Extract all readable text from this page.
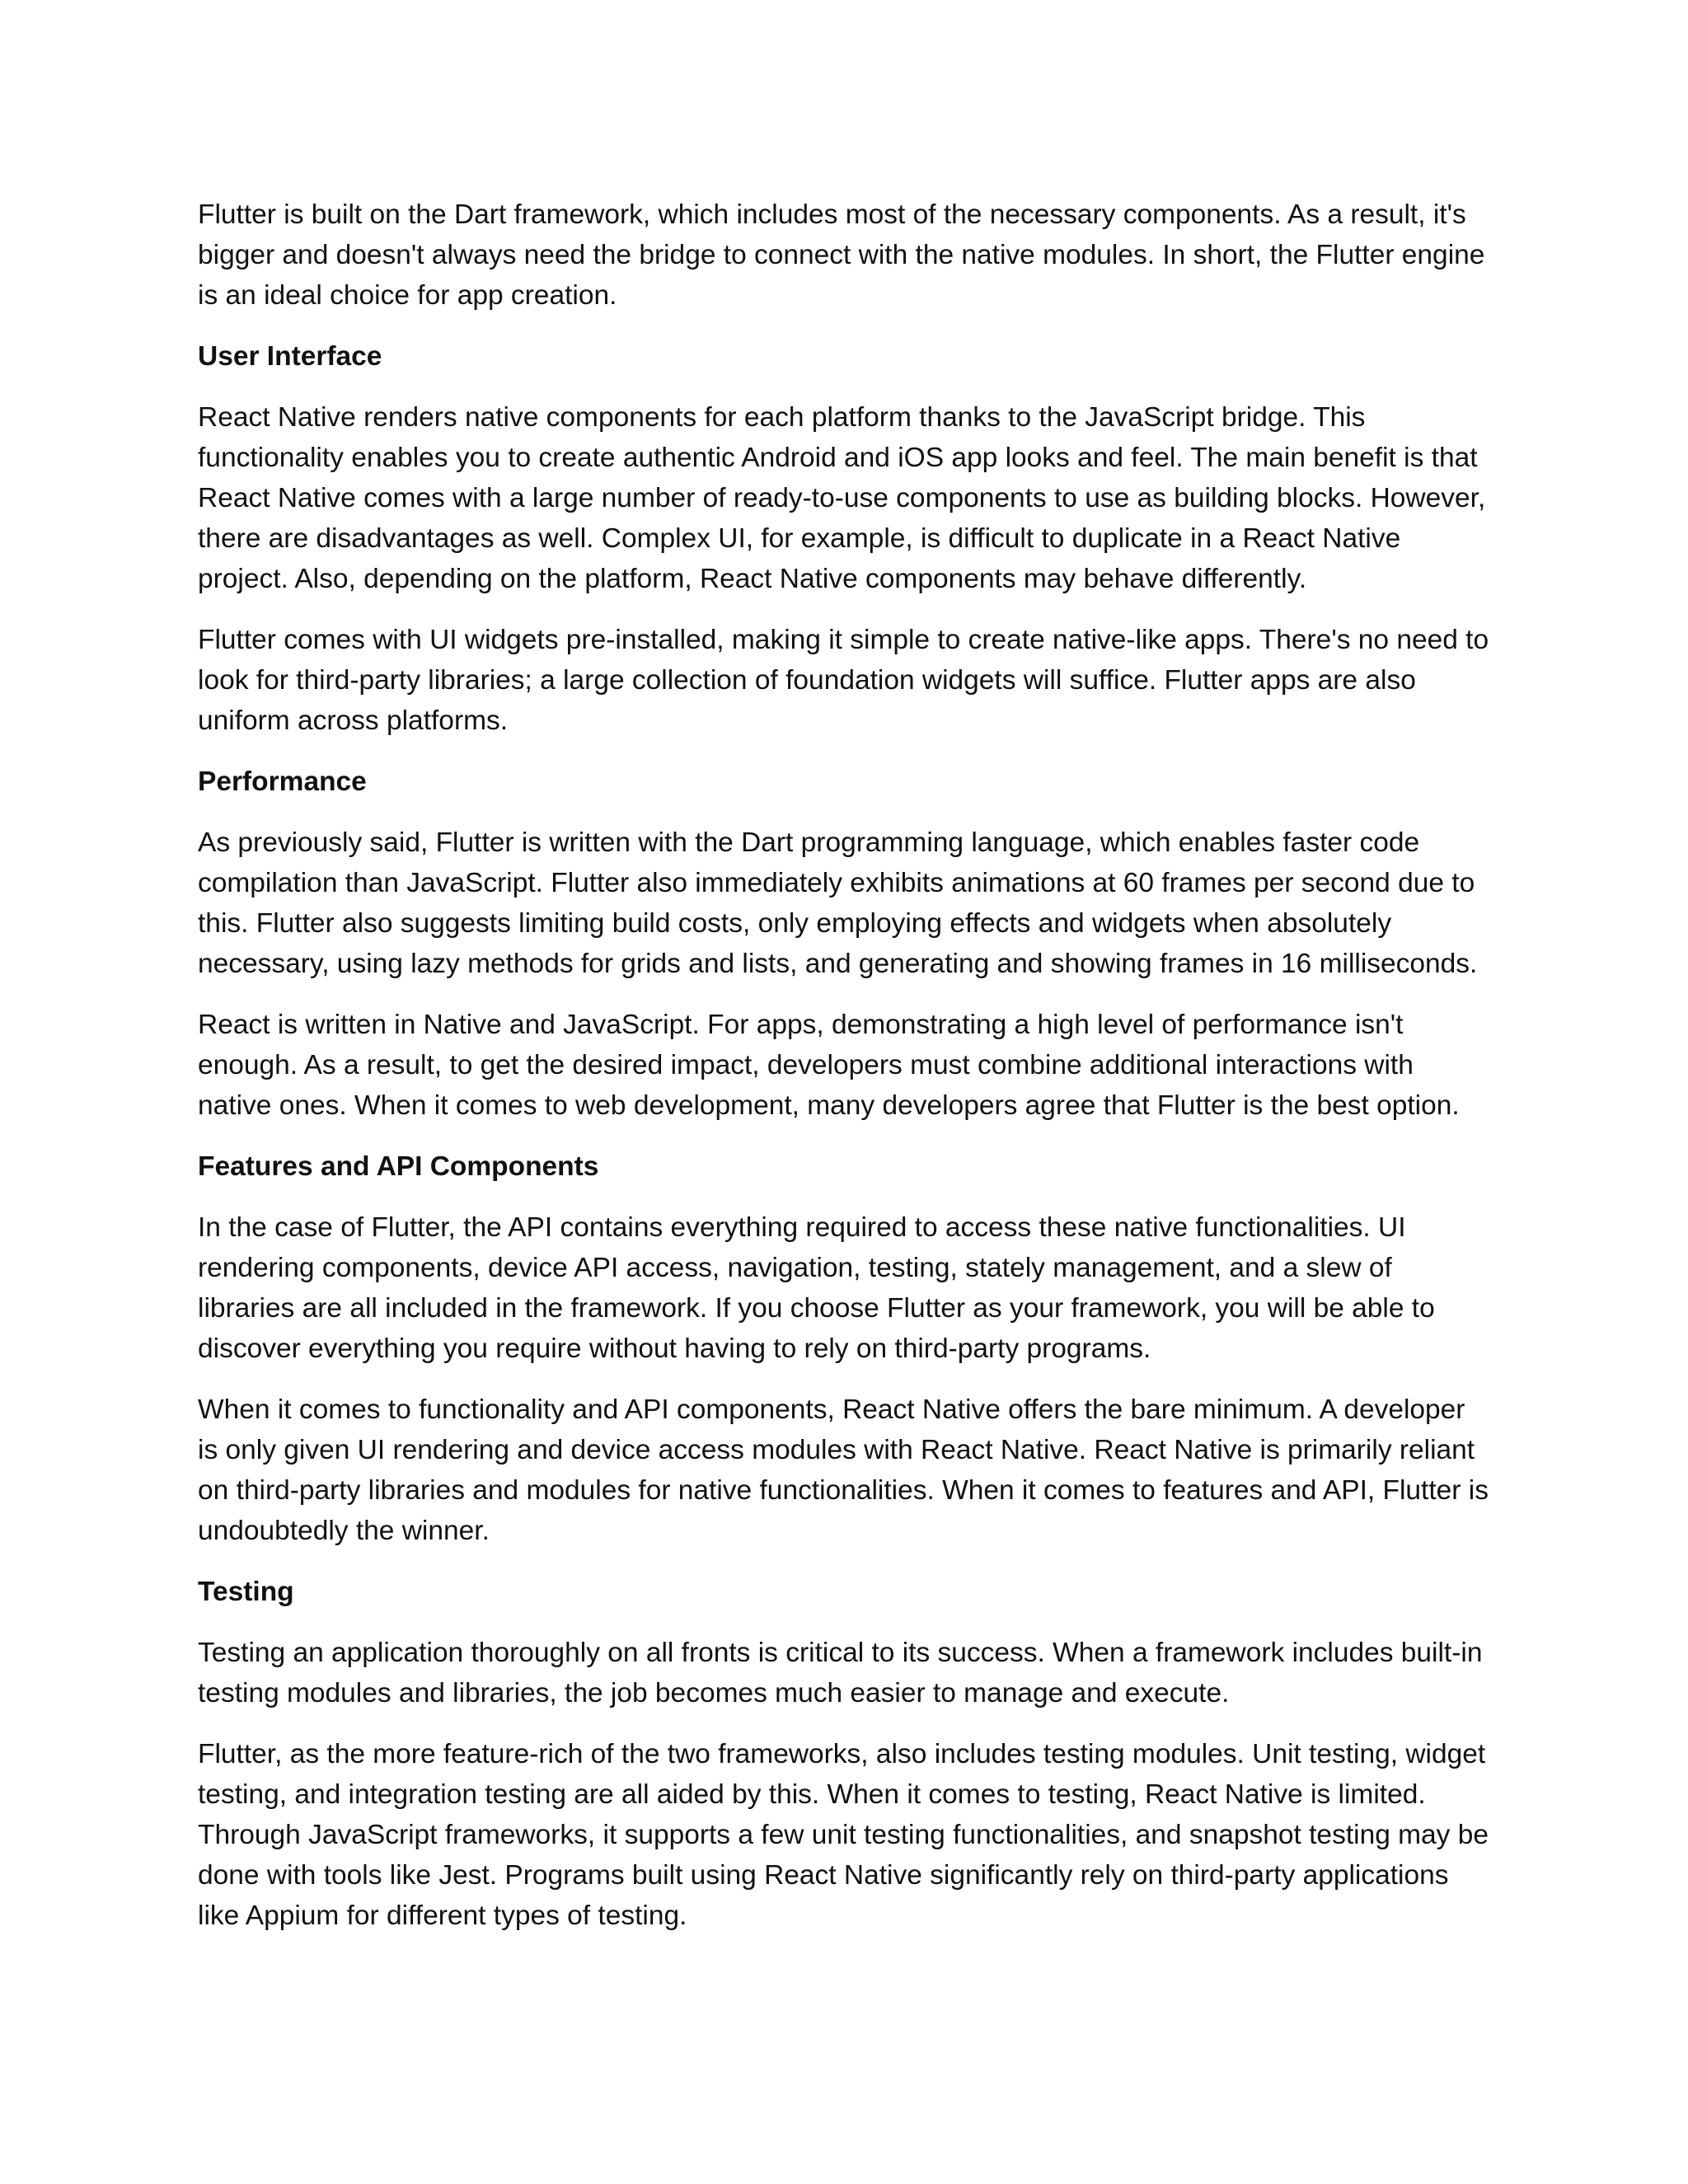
Flutter is built on the Dart framework, which includes most of the necessary components. As a result, it's bigger and doesn't always need the bridge to connect with the native modules. In short, the Flutter engine is an ideal choice for app creation.

User Interface

React Native renders native components for each platform thanks to the JavaScript bridge. This functionality enables you to create authentic Android and iOS app looks and feel. The main benefit is that React Native comes with a large number of ready-to-use components to use as building blocks. However, there are disadvantages as well. Complex UI, for example, is difficult to duplicate in a React Native project. Also, depending on the platform, React Native components may behave differently.

Flutter comes with UI widgets pre-installed, making it simple to create native-like apps. There's no need to look for third-party libraries; a large collection of foundation widgets will suffice. Flutter apps are also uniform across platforms.

Performance

As previously said, Flutter is written with the Dart programming language, which enables faster code compilation than JavaScript. Flutter also immediately exhibits animations at 60 frames per second due to this. Flutter also suggests limiting build costs, only employing effects and widgets when absolutely necessary, using lazy methods for grids and lists, and generating and showing frames in 16 milliseconds.

React is written in Native and JavaScript. For apps, demonstrating a high level of performance isn't enough. As a result, to get the desired impact, developers must combine additional interactions with native ones. When it comes to web development, many developers agree that Flutter is the best option.

Features and API Components

In the case of Flutter, the API contains everything required to access these native functionalities. UI rendering components, device API access, navigation, testing, stately management, and a slew of libraries are all included in the framework. If you choose Flutter as your framework, you will be able to discover everything you require without having to rely on third-party programs.

When it comes to functionality and API components, React Native offers the bare minimum. A developer is only given UI rendering and device access modules with React Native. React Native is primarily reliant on third-party libraries and modules for native functionalities. When it comes to features and API, Flutter is undoubtedly the winner.

Testing

Testing an application thoroughly on all fronts is critical to its success. When a framework includes built-in testing modules and libraries, the job becomes much easier to manage and execute.

Flutter, as the more feature-rich of the two frameworks, also includes testing modules. Unit testing, widget testing, and integration testing are all aided by this. When it comes to testing, React Native is limited. Through JavaScript frameworks, it supports a few unit testing functionalities, and snapshot testing may be done with tools like Jest. Programs built using React Native significantly rely on third-party applications like Appium for different types of testing.
